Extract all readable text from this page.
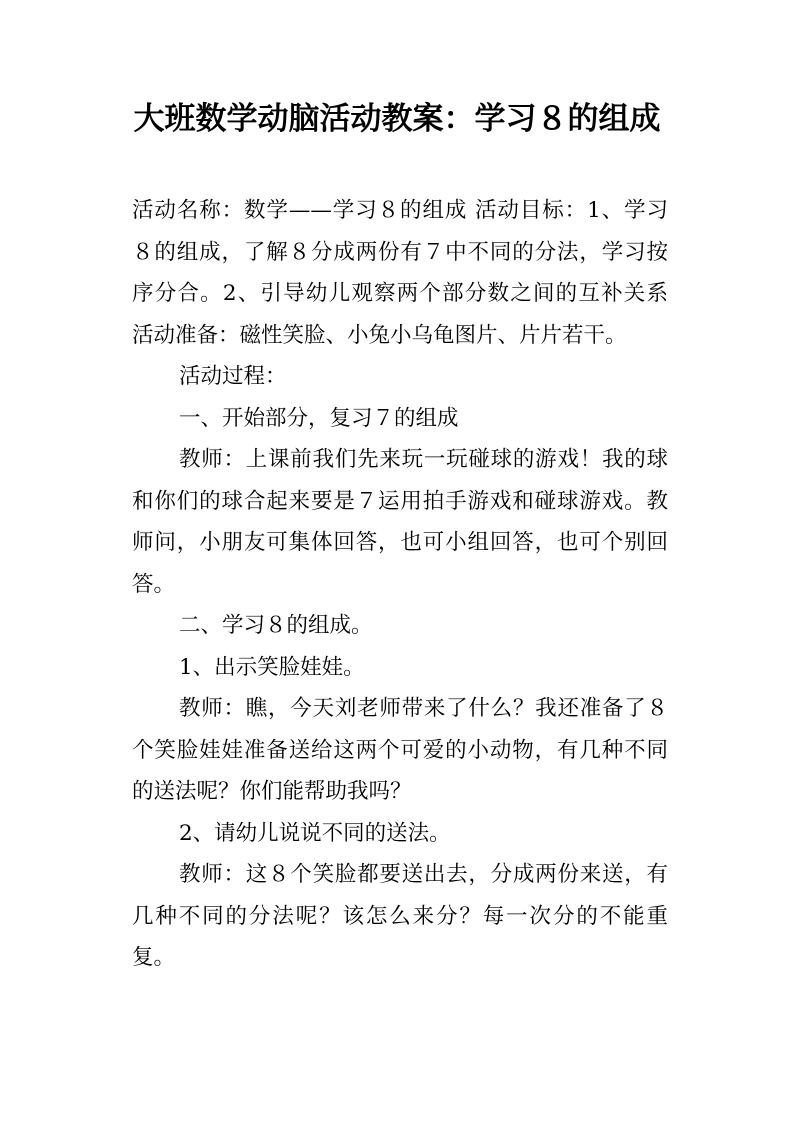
大班数学动脑活动教案：学习８的组成

活动名称：数学——学习８的组成 活动目标：1、学习８的组成，了解８分成两份有７中不同的分法，学习按序分合。2、引导幼儿观察两个部分数之间的互补关系 活动准备：磁性笑脸、小兔小乌龟图片、片片若干。

活动过程：

一、开始部分，复习７的组成

教师：上课前我们先来玩一玩碰球的游戏！我的球和你们的球合起来要是７运用拍手游戏和碰球游戏。教师问，小朋友可集体回答，也可小组回答，也可个别回答。

二、学习８的组成。

1、出示笑脸娃娃。

教师：瞧，今天刘老师带来了什么？我还准备了８个笑脸娃娃准备送给这两个可爱的小动物，有几种不同的送法呢？你们能帮助我吗？

2、请幼儿说说不同的送法。

教师：这８个笑脸都要送出去，分成两份来送，有几种不同的分法呢？该怎么来分？每一次分的不能重复。
